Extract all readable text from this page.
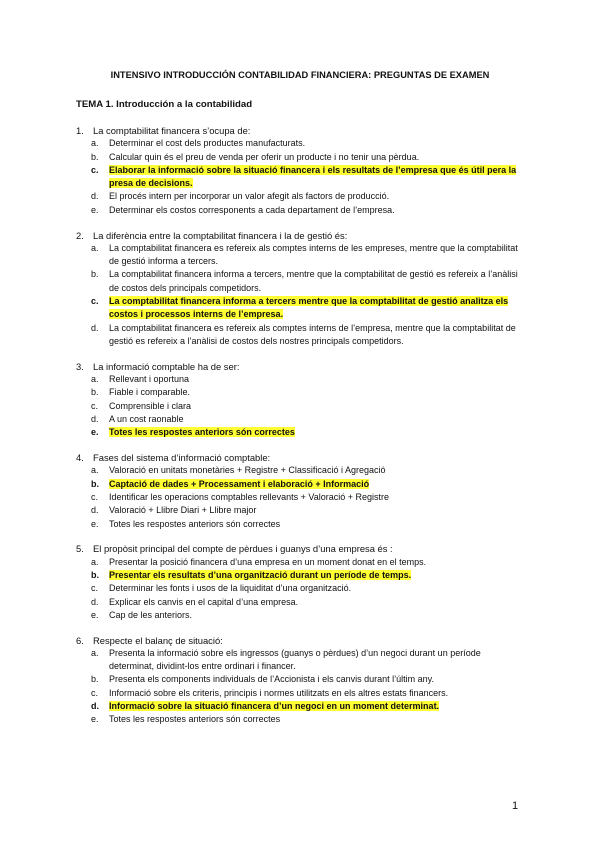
INTENSIVO INTRODUCCIÓN CONTABILIDAD FINANCIERA: PREGUNTAS DE EXAMEN
TEMA 1. Introducción a la contabilidad
1. La comptabilitat financera s’ocupa de:
a.	Determinar el cost dels productes manufacturats.
b.	Calcular quin és el preu de venda per oferir un producte i no tenir una pèrdua.
c.	Elaborar la informació sobre la situació financera i els resultats de l’empresa que és útil pera la presa de decisions.
d.	El procés intern per incorporar un valor afegit als factors de producció.
e.	Determinar els costos corresponents a cada departament de l’empresa.
2. La diferència entre la comptabilitat financera i la de gestió és:
a.	La comptabilitat financera es refereix als comptes interns de les empreses, mentre que la comptabilitat de gestió informa a tercers.
b.	La comptabilitat financera informa a tercers, mentre que la comptabilitat de gestió es refereix a l’anàlisi de costos dels principals competidors.
c.	La comptabilitat financera informa a tercers mentre que la comptabilitat de gestió analitza els costos i processos interns de l’empresa.
d.	La comptabilitat financera es refereix als comptes interns de l’empresa, mentre que la comptabilitat de gestió es refereix a l’anàlisi de costos dels nostres principals competidors.
3. La informació comptable ha de ser:
a.	Rellevant i oportuna
b.	Fiable i comparable.
c.	Comprensible i clara
d.	A un cost raonable
e.	Totes les respostes anteriors són correctes
4. Fases del sistema d’informació comptable:
a.	Valoració en unitats monetàries + Registre + Classificació i Agregació
b.	Captació de dades + Processament i elaboració + Informació
c.	Identificar les operacions comptables rellevants + Valoració + Registre
d.	Valoració + Llibre Diari + Llibre major
e.	Totes les respostes anteriors són correctes
5. El propòsit principal del compte de pèrdues i guanys d’una empresa és :
a.	Presentar la posició financera d’una empresa en un moment donat en el temps.
b.	Presentar els resultats d’una organització durant un període de temps.
c.	Determinar les fonts i usos de la liquiditat d’una organització.
d.	Explicar els canvis en el capital d’una empresa.
e.	Cap de les anteriors.
6. Respecte el balanç de situació:
a.	Presenta la informació sobre els ingressos (guanys o pèrdues) d’un negoci durant un període determinat, dividint-los entre ordinari i financer.
b.	Presenta els components individuals de l’Accionista i els canvis durant l’últim any.
c.	Informació sobre els criteris, principis i normes utilitzats en els altres estats financers.
d.	Informació sobre la situació financera d’un negoci en un moment determinat.
e.	Totes les respostes anteriors són correctes
1
